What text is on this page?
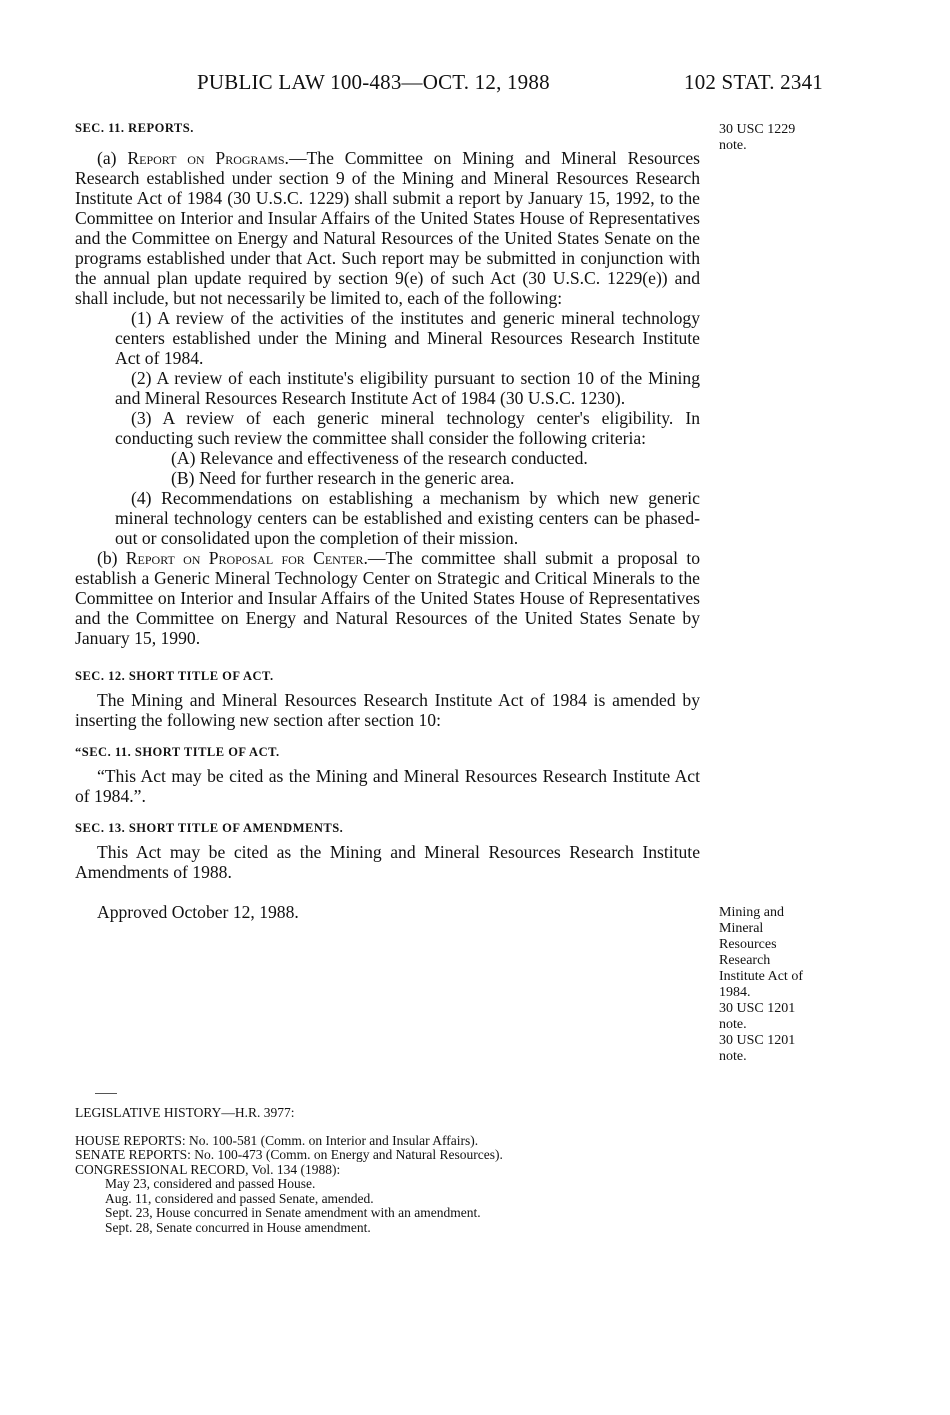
PUBLIC LAW 100-483—OCT. 12, 1988	102 STAT. 2341
30 USC 1229 note.

SEC. 11. REPORTS.

(a) Report on Programs.—The Committee on Mining and Mineral Resources Research established under section 9 of the Mining and Mineral Resources Research Institute Act of 1984 (30 U.S.C. 1229) shall submit a report by January 15, 1992, to the Committee on Interior and Insular Affairs of the United States House of Representatives and the Committee on Energy and Natural Resources of the United States Senate on the programs established under that Act. Such report may be submitted in conjunction with the annual plan update required by section 9(e) of such Act (30 U.S.C. 1229(e)) and shall include, but not necessarily be limited to, each of the following:

(1) A review of the activities of the institutes and generic mineral technology centers established under the Mining and Mineral Resources Research Institute Act of 1984.

(2) A review of each institute's eligibility pursuant to section 10 of the Mining and Mineral Resources Research Institute Act of 1984 (30 U.S.C. 1230).

(3) A review of each generic mineral technology center's eligibility. In conducting such review the committee shall consider the following criteria:

(A) Relevance and effectiveness of the research conducted.

(B) Need for further research in the generic area.

(4) Recommendations on establishing a mechanism by which new generic mineral technology centers can be established and existing centers can be phased-out or consolidated upon the completion of their mission.

(b) Report on Proposal for Center.—The committee shall submit a proposal to establish a Generic Mineral Technology Center on Strategic and Critical Minerals to the Committee on Interior and Insular Affairs of the United States House of Representatives and the Committee on Energy and Natural Resources of the United States Senate by January 15, 1990.

SEC. 12. SHORT TITLE OF ACT.

The Mining and Mineral Resources Research Institute Act of 1984 is amended by inserting the following new section after section 10:

“SEC. 11. SHORT TITLE OF ACT.

“This Act may be cited as the Mining and Mineral Resources Research Institute Act of 1984.”.

SEC. 13. SHORT TITLE OF AMENDMENTS.

This Act may be cited as the Mining and Mineral Resources Research Institute Amendments of 1988.

Approved October 12, 1988.	Mining and
Mineral
Resources
Research
Institute Act of
1984.
30 USC 1201
note.
30 USC 1201
note.
LEGISLATIVE HISTORY—H.R. 3977:
HOUSE REPORTS: No. 100-581 (Comm. on Interior and Insular Affairs).
SENATE REPORTS: No. 100-473 (Comm. on Energy and Natural Resources).
CONGRESSIONAL RECORD, Vol. 134 (1988):
May 23, considered and passed House.
Aug. 11, considered and passed Senate, amended.
Sept. 23, House concurred in Senate amendment with an amendment.
Sept. 28, Senate concurred in House amendment.
